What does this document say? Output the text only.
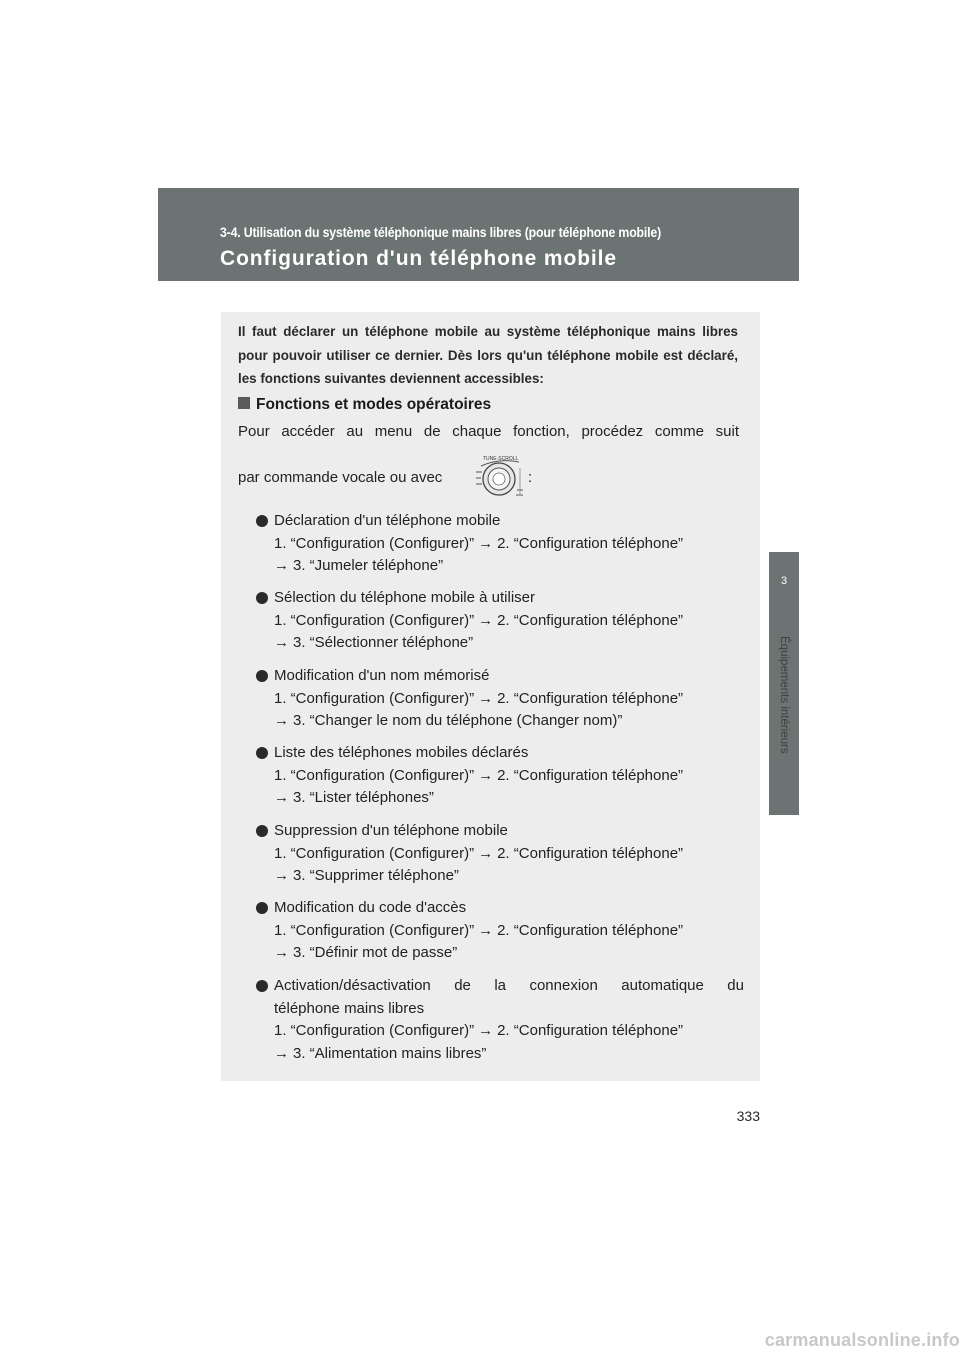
3-4. Utilisation du système téléphonique mains libres (pour téléphone mobile)
Configuration d'un téléphone mobile
3
Équipements intérieurs
Il faut déclarer un téléphone mobile au système téléphonique mains libres pour pouvoir utiliser ce dernier. Dès lors qu'un téléphone mobile est déclaré, les fonctions suivantes deviennent accessibles:
Fonctions et modes opératoires
Pour accéder au menu de chaque fonction, procédez comme suit
par commande vocale ou avec	:
TUNE·SCROLL
Déclaration d'un téléphone mobile
1. “Configuration (Configurer)” → 2. “Configuration téléphone”
→ 3. “Jumeler téléphone”
Sélection du téléphone mobile à utiliser
1. “Configuration (Configurer)” → 2. “Configuration téléphone”
→ 3. “Sélectionner téléphone”
Modification d'un nom mémorisé
1. “Configuration (Configurer)” → 2. “Configuration téléphone”
→ 3. “Changer le nom du téléphone (Changer nom)”
Liste des téléphones mobiles déclarés
1. “Configuration (Configurer)” → 2. “Configuration téléphone”
→ 3. “Lister téléphones”
Suppression d'un téléphone mobile
1. “Configuration (Configurer)” → 2. “Configuration téléphone”
→ 3. “Supprimer téléphone”
Modification du code d'accès
1. “Configuration (Configurer)” → 2. “Configuration téléphone”
→ 3. “Définir mot de passe”
Activation/désactivation de la connexion automatique du
téléphone mains libres
1. “Configuration (Configurer)” → 2. “Configuration téléphone”
→ 3. “Alimentation mains libres”
333
carmanualsonline.info
